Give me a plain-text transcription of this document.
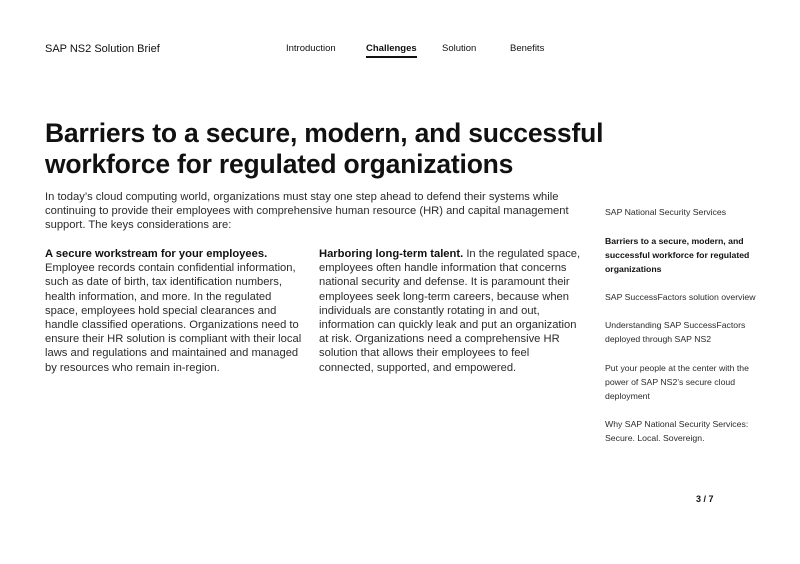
SAP NS2 Solution Brief	Introduction	Challenges	Solution	Benefits
Barriers to a secure, modern, and successful workforce for regulated organizations

In today’s cloud computing world, organizations must stay one step ahead to defend their systems while continuing to provide their employees with comprehensive human resource (HR) and capital management support. The keys considerations are:

A secure workstream for your employees. Employee records contain confidential information, such as date of birth, tax identification numbers, health information, and more. In the regulated space, employees hold special clearances and handle classified operations. Organizations need to ensure their HR solution is compliant with their local laws and regulations and maintained and managed by resources who remain in-region.

Harboring long-term talent. In the regulated space, employees often handle information that concerns national security and defense. It is paramount their employees seek long-term careers, because when individuals are constantly rotating in and out, information can quickly leak and put an organization at risk. Organizations need a comprehensive HR solution that allows their employees to feel connected, supported, and empowered.

SAP National Security Services
Barriers to a secure, modern, and successful workforce for regulated organizations
SAP SuccessFactors solution overview
Understanding SAP SuccessFactors deployed through SAP NS2
Put your people at the center with the power of SAP NS2’s secure cloud deployment
Why SAP National Security Services: Secure. Local. Sovereign.
3 / 7
